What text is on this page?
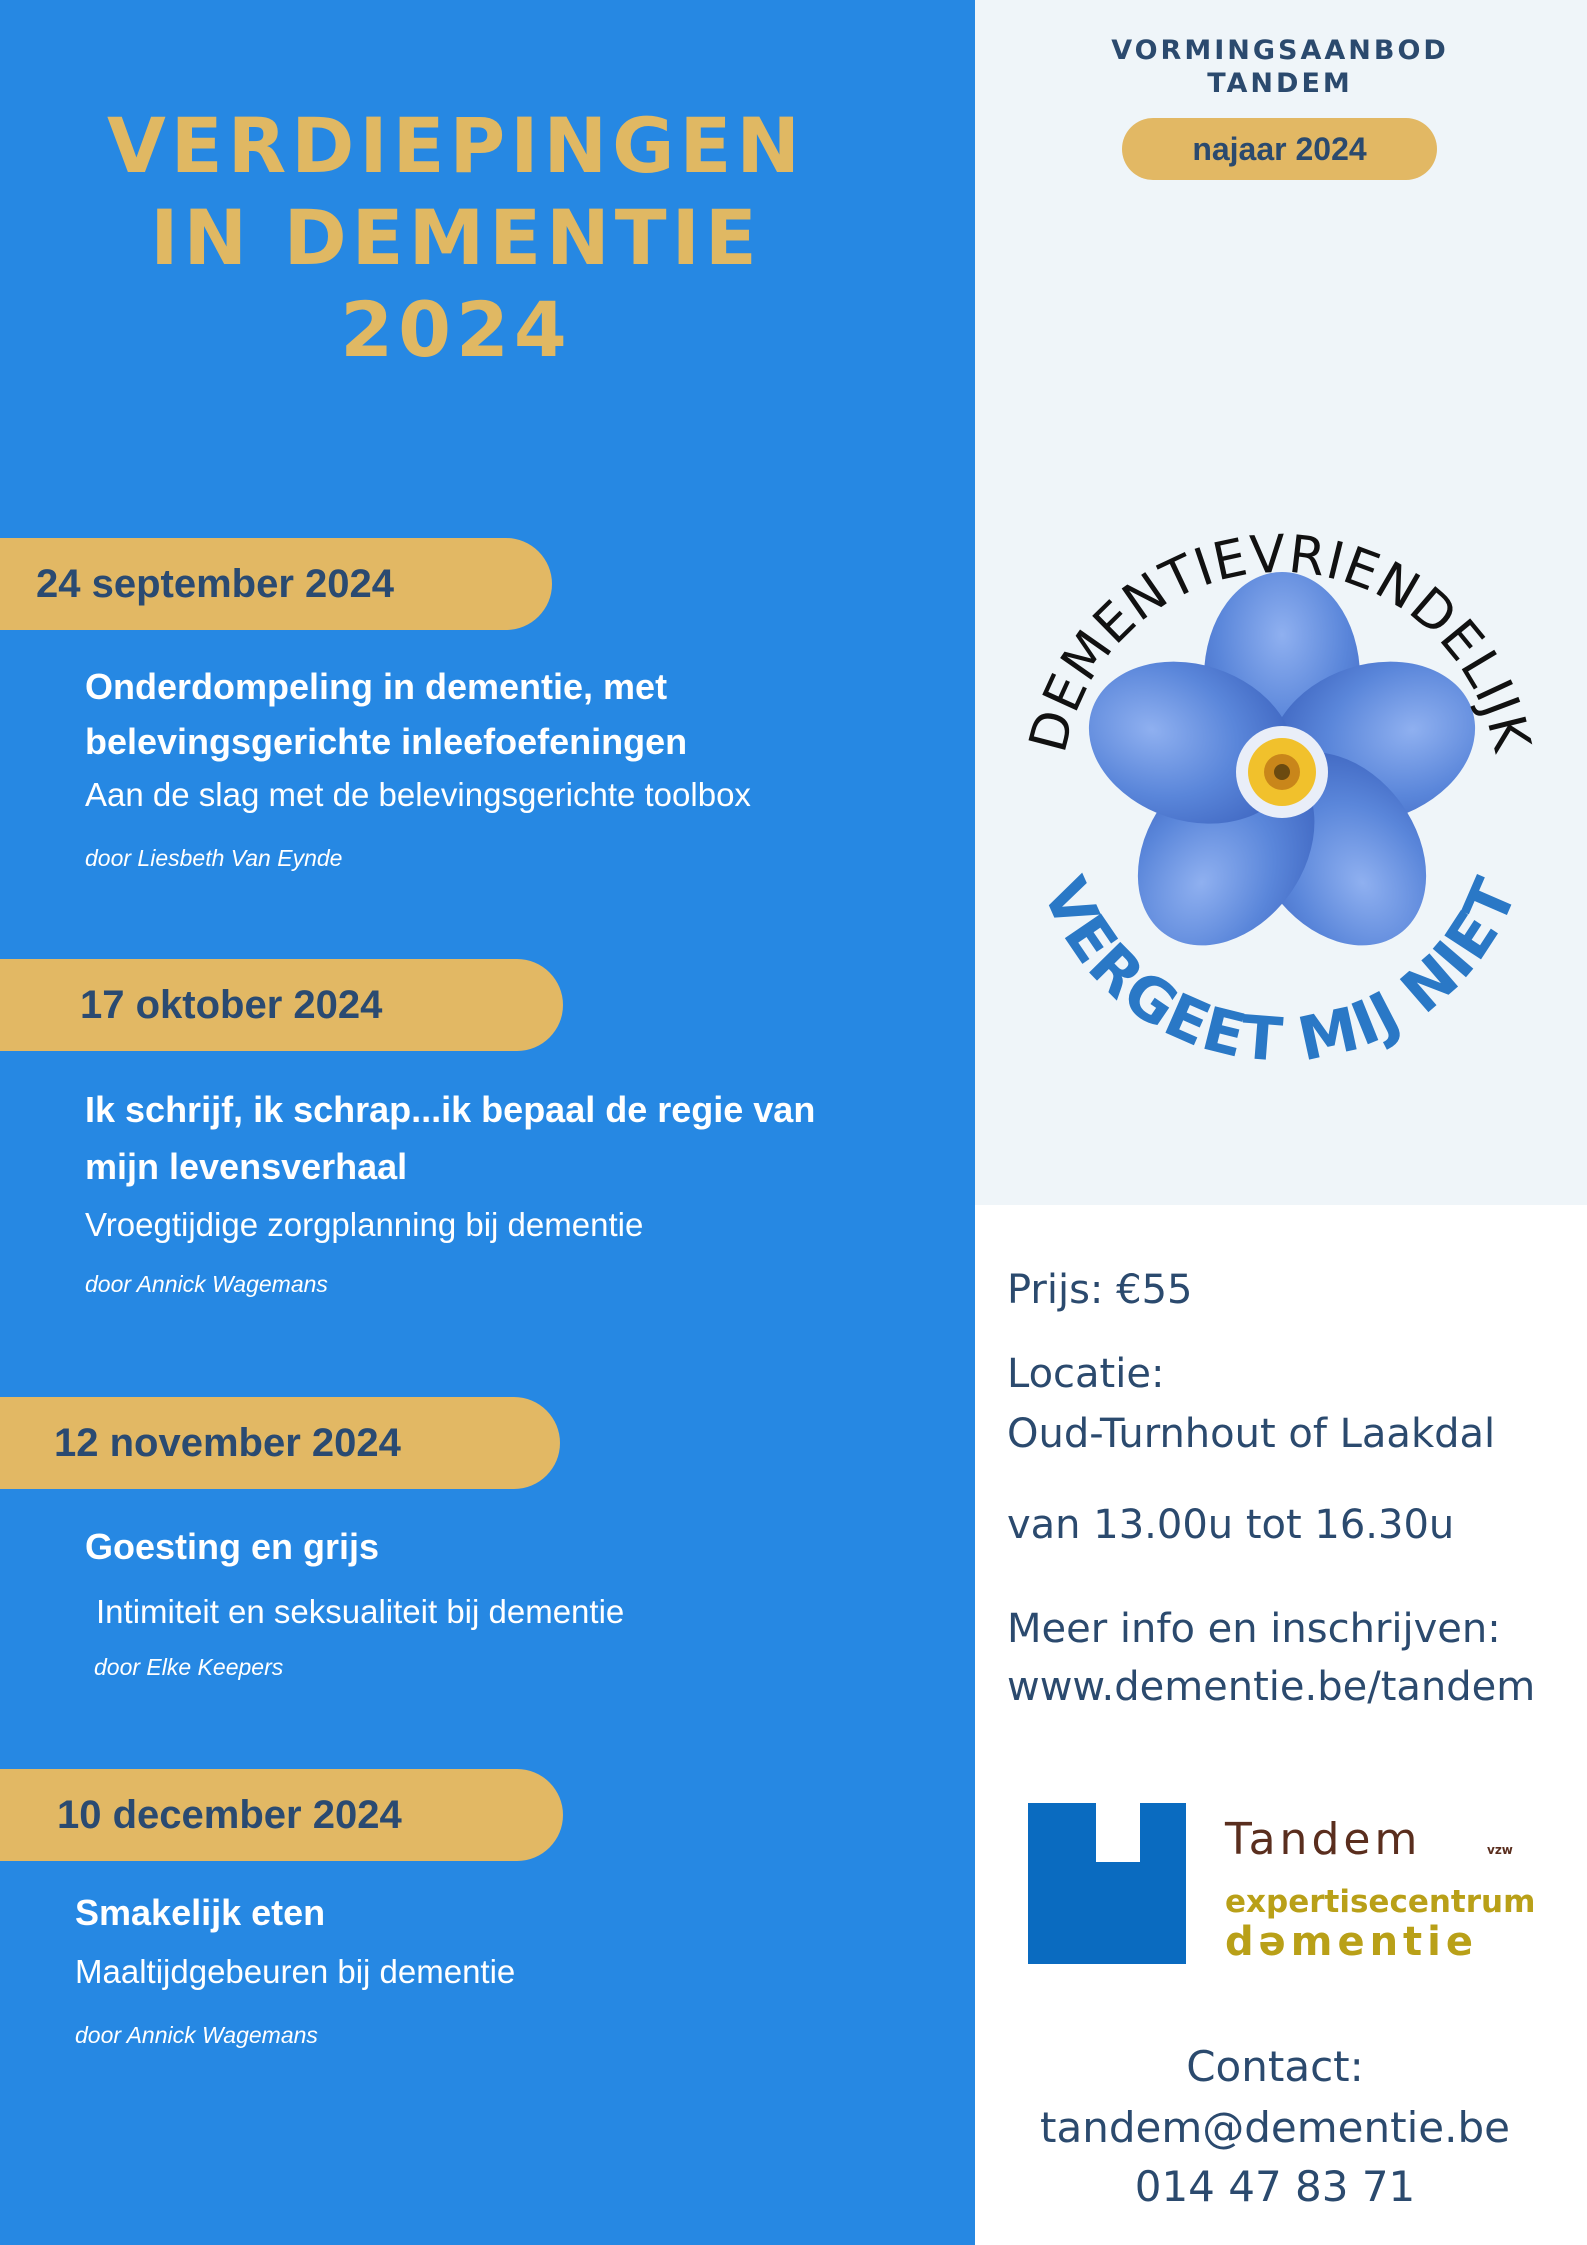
VERDIEPINGEN
IN DEMENTIE
2024
24 september 2024
Onderdompeling in dementie, met
belevingsgerichte inleefoefeningen
Aan de slag met de belevingsgerichte toolbox
door Liesbeth Van Eynde
17 oktober 2024
Ik schrijf, ik schrap...ik bepaal de regie van
mijn levensverhaal
Vroegtijdige zorgplanning bij dementie
door Annick Wagemans
12 november 2024
Goesting en grijs
Intimiteit en seksualiteit bij dementie
door Elke Keepers
10 december 2024
Smakelijk eten
Maaltijdgebeuren bij dementie
door Annick Wagemans
VORMINGSAANBOD
TANDEM
najaar 2024
DEMENTIEVRIENDELIJK
VERGEET MIJ NIET
Prijs: €55
Locatie:
Oud-Turnhout of Laakdal
van 13.00u tot 16.30u
Meer info en inschrijven:
www.dementie.be/tandem
Tandem	vzw
expertisecentrum
dəmentie
Contact:
tandem@dementie.be
014 47 83 71
